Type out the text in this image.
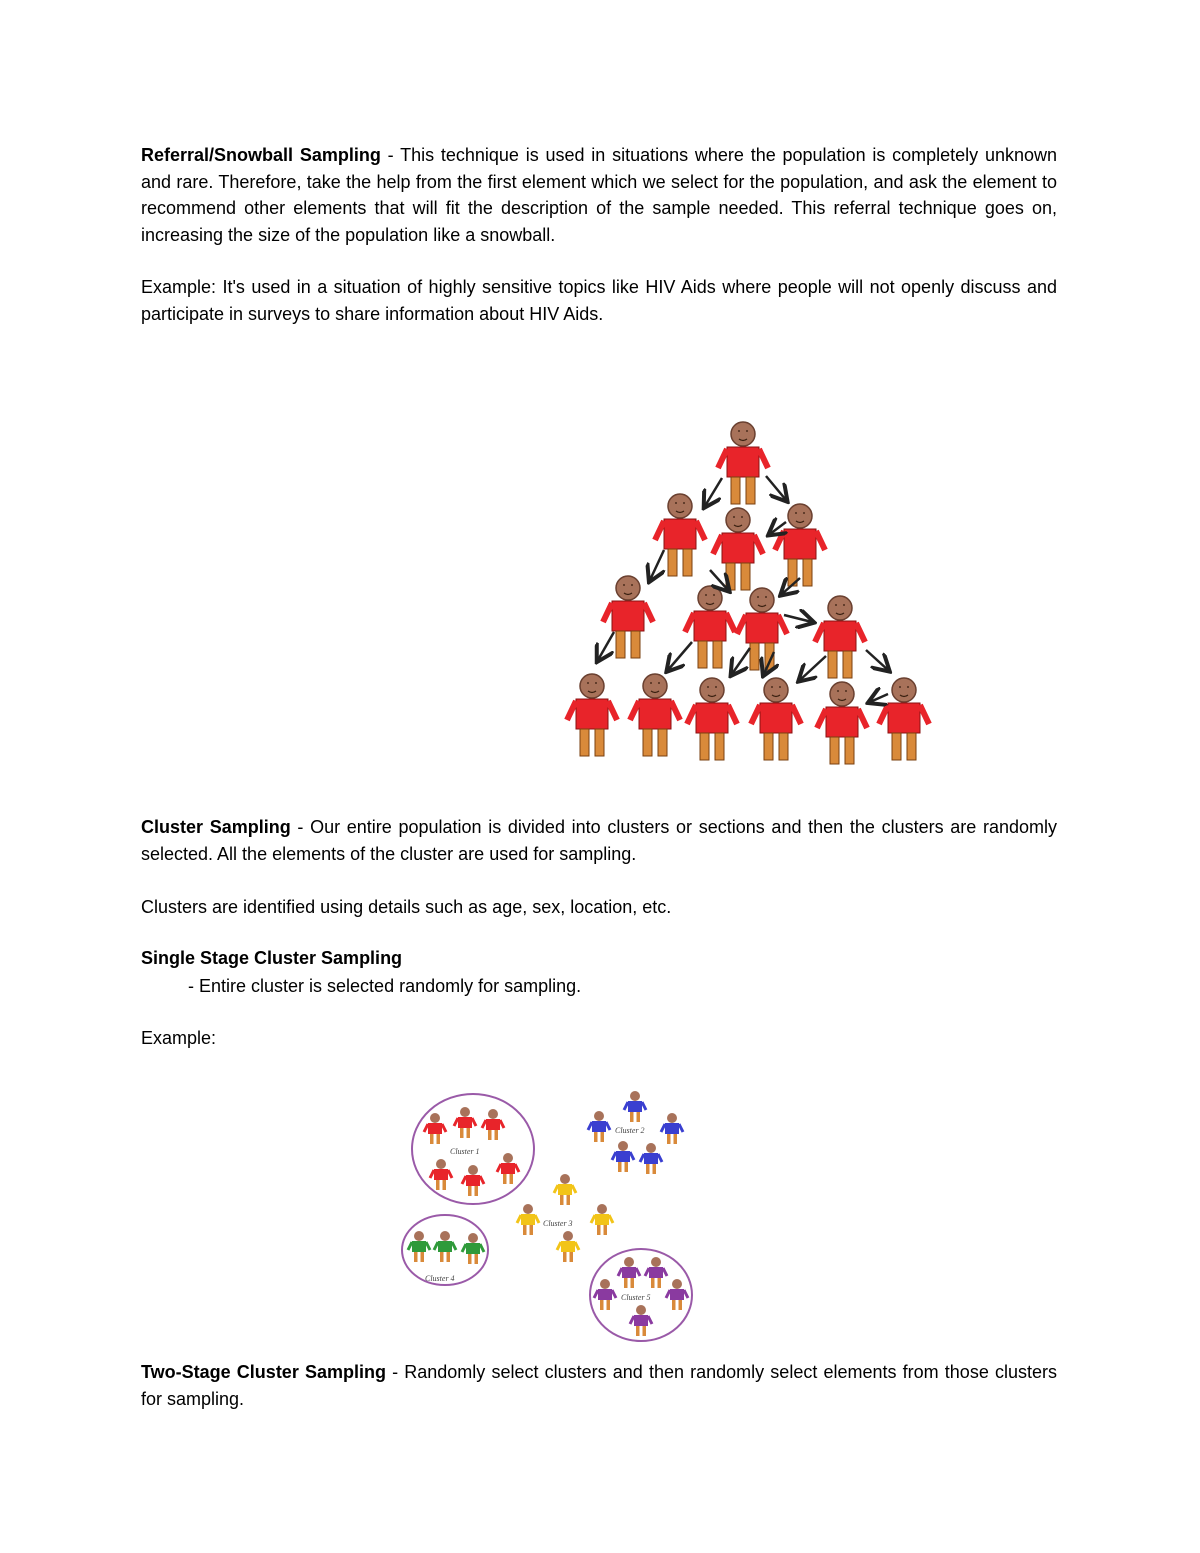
Referral/Snowball Sampling - This technique is used in situations where the population is completely unknown and rare. Therefore, take the help from the first element which we select for the population, and ask the element to recommend other elements that will fit the description of the sample needed. This referral technique goes on, increasing the size of the population like a snowball.

Example: It's used in a situation of highly sensitive topics like HIV Aids where people will not openly discuss and participate in surveys to share information about HIV Aids.

Cluster Sampling - Our entire population is divided into clusters or sections and then the clusters are randomly selected. All the elements of the cluster are used for sampling.

Clusters are identified using details such as age, sex, location, etc.

Single Stage Cluster Sampling

- Entire cluster is selected randomly for sampling.

Example:

Cluster 1
Cluster 2
Cluster 3
Cluster 4
Cluster 5

Two-Stage Cluster Sampling - Randomly select clusters and then randomly select elements from those clusters for sampling.
